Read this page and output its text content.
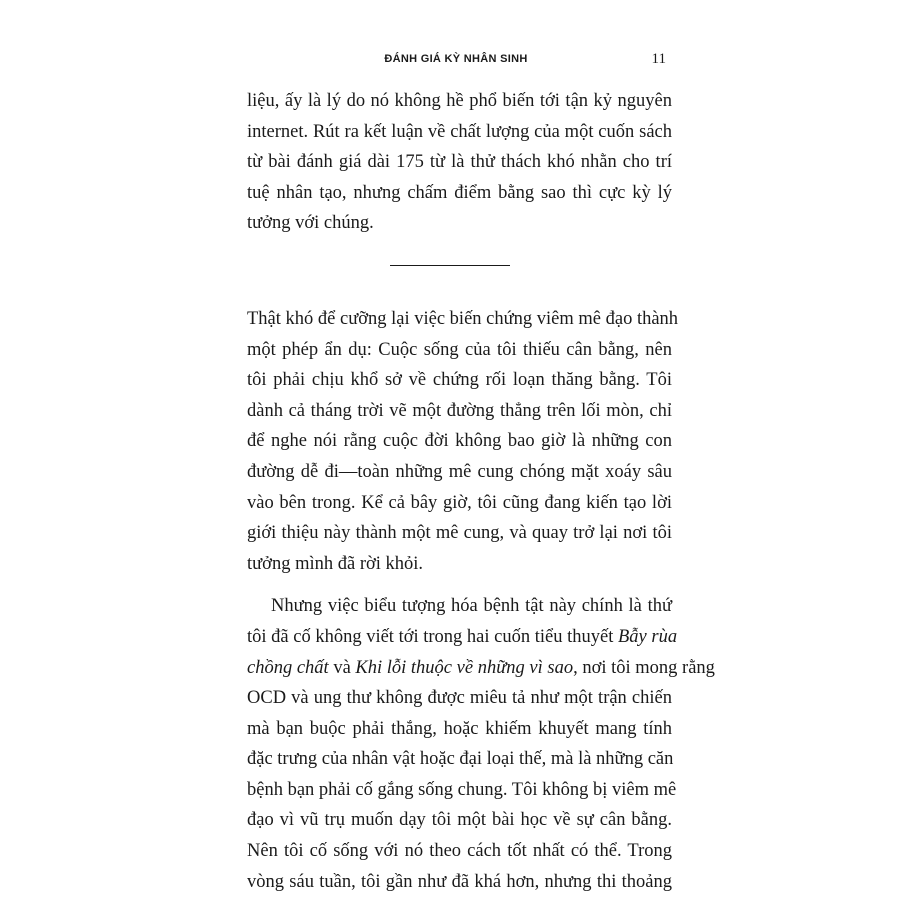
ĐÁNH GIÁ KỲ NHÂN SINH	11
liệu, ấy là lý do nó không hề phổ biến tới tận kỷ nguyên
internet. Rút ra kết luận về chất lượng của một cuốn sách
từ bài đánh giá dài 175 từ là thử thách khó nhằn cho trí
tuệ nhân tạo, nhưng chấm điểm bằng sao thì cực kỳ lý
tưởng với chúng.
Thật khó để cưỡng lại việc biến chứng viêm mê đạo thành
một phép ẩn dụ: Cuộc sống của tôi thiếu cân bằng, nên
tôi phải chịu khổ sở về chứng rối loạn thăng bằng. Tôi
dành cả tháng trời vẽ một đường thẳng trên lối mòn, chỉ
để nghe nói rằng cuộc đời không bao giờ là những con
đường dễ đi—toàn những mê cung chóng mặt xoáy sâu
vào bên trong. Kể cả bây giờ, tôi cũng đang kiến tạo lời
giới thiệu này thành một mê cung, và quay trở lại nơi tôi
tưởng mình đã rời khỏi.
Nhưng việc biểu tượng hóa bệnh tật này chính là thứ
tôi đã cố không viết tới trong hai cuốn tiểu thuyết Bẫy rùa
chồng chất và Khi lỗi thuộc về những vì sao, nơi tôi mong rằng
OCD và ung thư không được miêu tả như một trận chiến
mà bạn buộc phải thắng, hoặc khiếm khuyết mang tính
đặc trưng của nhân vật hoặc đại loại thế, mà là những căn
bệnh bạn phải cố gắng sống chung. Tôi không bị viêm mê
đạo vì vũ trụ muốn dạy tôi một bài học về sự cân bằng.
Nên tôi cố sống với nó theo cách tốt nhất có thể. Trong
vòng sáu tuần, tôi gần như đã khá hơn, nhưng thi thoảng
